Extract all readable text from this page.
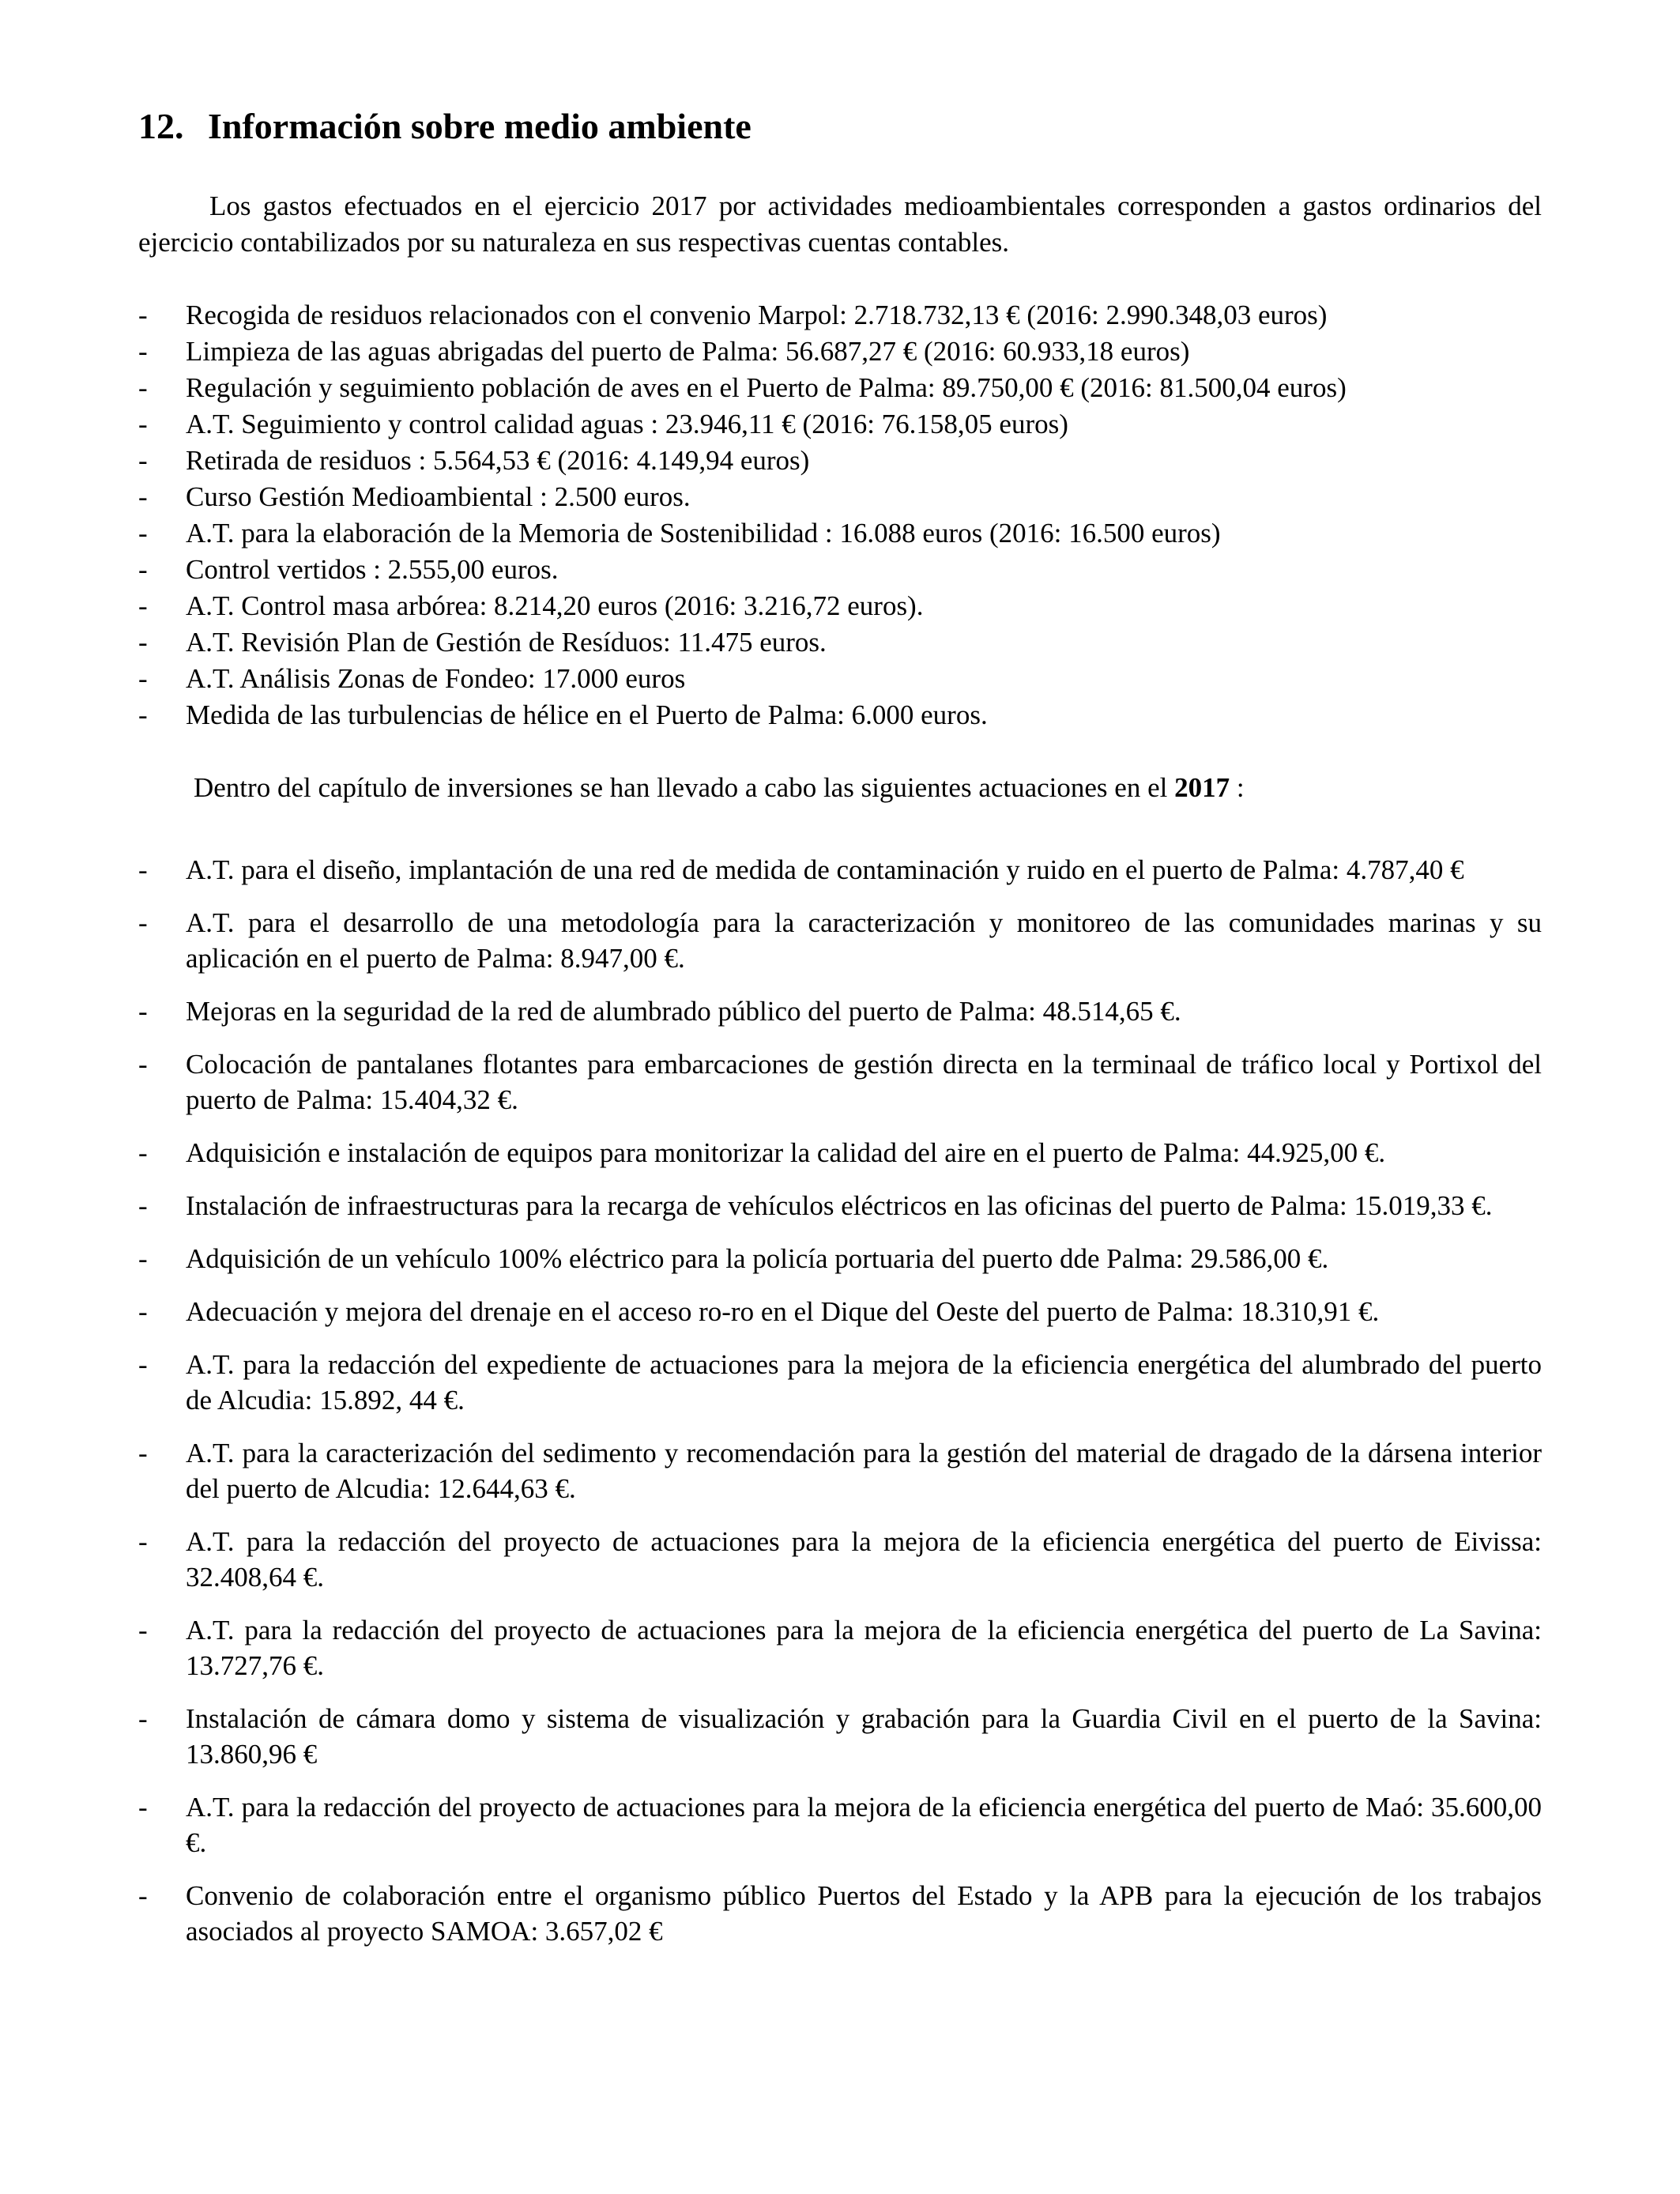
12. Información sobre medio ambiente

Los gastos efectuados en el ejercicio 2017 por actividades medioambientales corresponden a gastos ordinarios del ejercicio contabilizados por su naturaleza en sus respectivas cuentas contables.

- Recogida de residuos relacionados con el convenio Marpol: 2.718.732,13 € (2016: 2.990.348,03 euros)
- Limpieza de las aguas abrigadas del puerto de Palma: 56.687,27 € (2016: 60.933,18 euros)
- Regulación y seguimiento población de aves en el Puerto de Palma: 89.750,00 € (2016: 81.500,04 euros)
- A.T. Seguimiento y control calidad aguas : 23.946,11 € (2016: 76.158,05 euros)
- Retirada de residuos : 5.564,53 € (2016: 4.149,94 euros)
- Curso Gestión Medioambiental : 2.500 euros.
- A.T. para la elaboración de la Memoria de Sostenibilidad : 16.088 euros (2016: 16.500 euros)
- Control vertidos : 2.555,00 euros.
- A.T. Control masa arbórea: 8.214,20 euros (2016: 3.216,72 euros).
- A.T. Revisión Plan de Gestión de Resíduos: 11.475 euros.
- A.T. Análisis Zonas de Fondeo: 17.000 euros
- Medida de las turbulencias de hélice en el Puerto de Palma: 6.000 euros.

Dentro del capítulo de inversiones se han llevado a cabo las siguientes actuaciones en el 2017 :

- A.T. para el diseño, implantación de una red de medida de contaminación y ruido en el puerto de Palma: 4.787,40 €
- A.T. para el desarrollo de una metodología para la caracterización y monitoreo de las comunidades marinas y su aplicación en el puerto de Palma: 8.947,00 €.
- Mejoras en la seguridad de la red de alumbrado público del puerto de Palma: 48.514,65 €.
- Colocación de pantalanes flotantes para embarcaciones de gestión directa en la terminaal de tráfico local y Portixol del puerto de Palma: 15.404,32 €.
- Adquisición e instalación de equipos para monitorizar la calidad del aire en el puerto de Palma: 44.925,00 €.
- Instalación de infraestructuras para la recarga de vehículos eléctricos en las oficinas del puerto de Palma: 15.019,33 €.
- Adquisición de un vehículo 100% eléctrico para la policía portuaria del puerto dde Palma: 29.586,00 €.
- Adecuación y mejora del drenaje en el acceso ro-ro en el Dique del Oeste del puerto de Palma: 18.310,91 €.
- A.T. para la redacción del expediente de actuaciones para la mejora de la eficiencia energética del alumbrado del puerto de Alcudia: 15.892, 44 €.
- A.T. para la caracterización del sedimento y recomendación para la gestión del material de dragado de la dársena interior del puerto de Alcudia: 12.644,63 €.
- A.T. para la redacción del proyecto de actuaciones para la mejora de la eficiencia energética del puerto de Eivissa: 32.408,64 €.
- A.T. para la redacción del proyecto de actuaciones para la mejora de la eficiencia energética del puerto de La Savina: 13.727,76 €.
- Instalación de cámara domo y sistema de visualización y grabación para la Guardia Civil en el puerto de la Savina: 13.860,96 €
- A.T. para la redacción del proyecto de actuaciones para la mejora de la eficiencia energética del puerto de Maó: 35.600,00 €.
- Convenio de colaboración entre el organismo público Puertos del Estado y la APB para la ejecución de los trabajos asociados al proyecto SAMOA: 3.657,02 €
